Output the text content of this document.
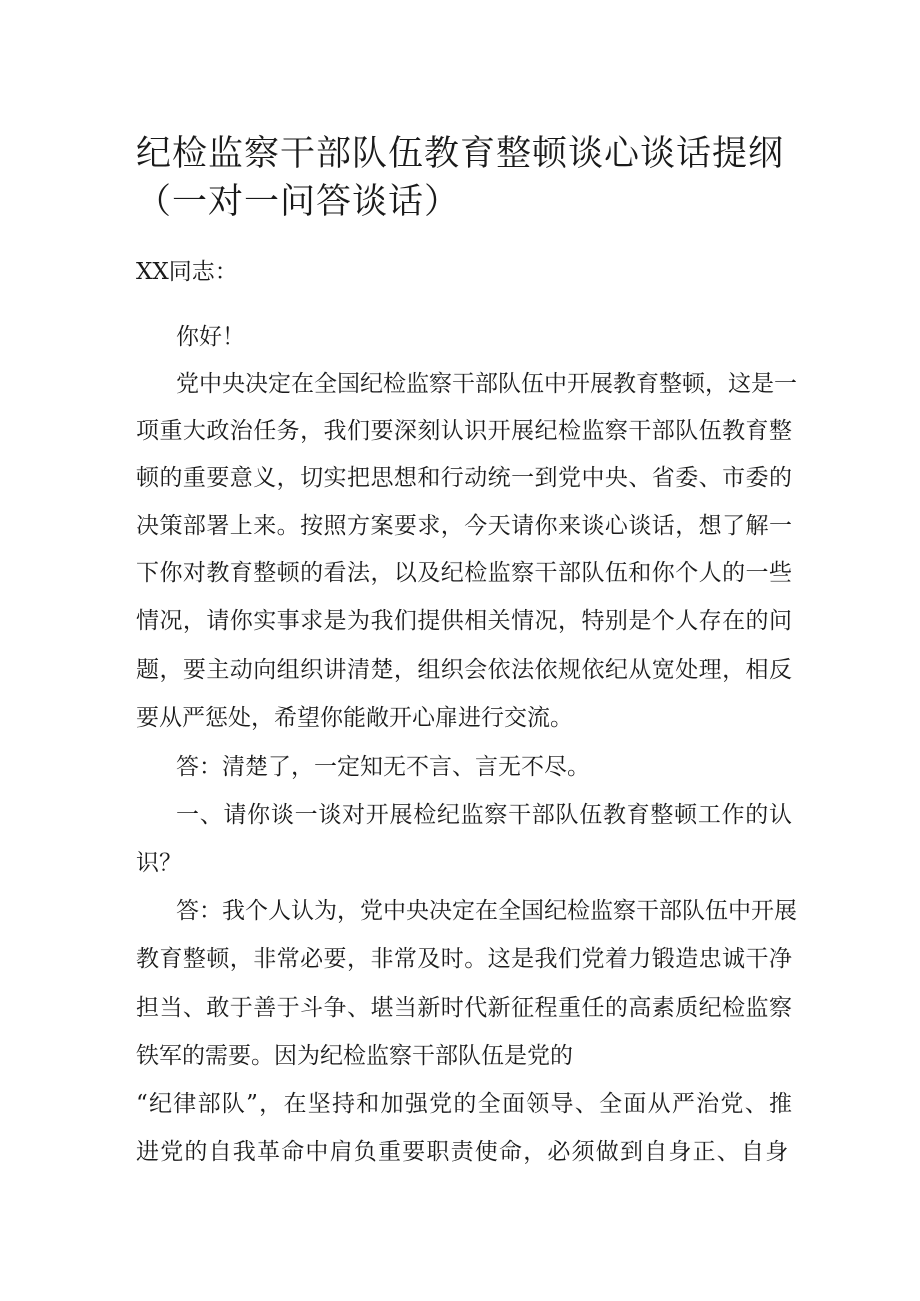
纪检监察干部队伍教育整顿谈心谈话提纲
（一对一问答谈话）

XX同志：

你好！

党中央决定在全国纪检监察干部队伍中开展教育整顿，这是一

项重大政治任务，我们要深刻认识开展纪检监察干部队伍教育整

顿的重要意义，切实把思想和行动统一到党中央、省委、市委的

决策部署上来。按照方案要求，今天请你来谈心谈话，想了解一

下你对教育整顿的看法，以及纪检监察干部队伍和你个人的一些

情况，请你实事求是为我们提供相关情况，特别是个人存在的问

题，要主动向组织讲清楚，组织会依法依规依纪从宽处理，相反

要从严惩处，希望你能敞开心扉进行交流。

答：清楚了，一定知无不言、言无不尽。

一、请你谈一谈对开展检纪监察干部队伍教育整顿工作的认

识？

答：我个人认为，党中央决定在全国纪检监察干部队伍中开展

教育整顿，非常必要，非常及时。这是我们党着力锻造忠诚干净

担当、敢于善于斗争、堪当新时代新征程重任的高素质纪检监察

铁军的需要。因为纪检监察干部队伍是党的

“纪律部队”，在坚持和加强党的全面领导、全面从严治党、推

进党的自我革命中肩负重要职责使命，必须做到自身正、自身
